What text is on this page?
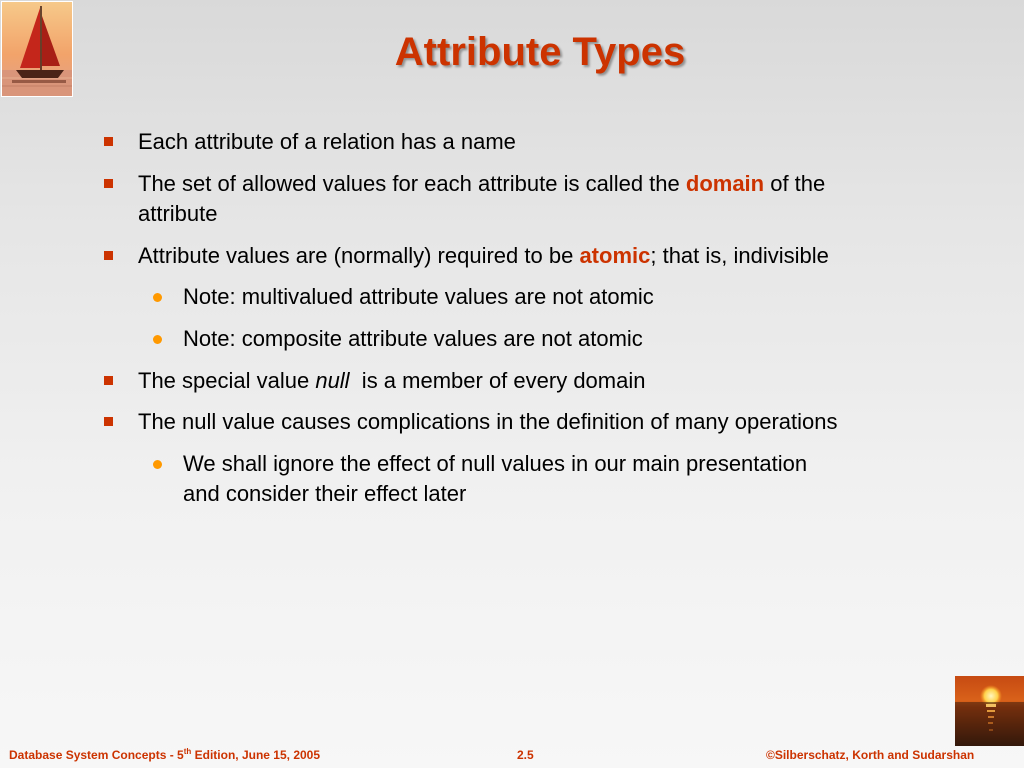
Attribute Types
Each attribute of a relation has a name
The set of allowed values for each attribute is called the domain of the
attribute
Attribute values are (normally) required to be atomic; that is, indivisible
Note: multivalued attribute values are not atomic
Note: composite attribute values are not atomic
The special value null  is a member of every domain
The null value causes complications in the definition of many operations
We shall ignore the effect of null values in our main presentation
and consider their effect later
Database System Concepts - 5th Edition, June 15, 2005	2.5	©Silberschatz, Korth and Sudarshan
